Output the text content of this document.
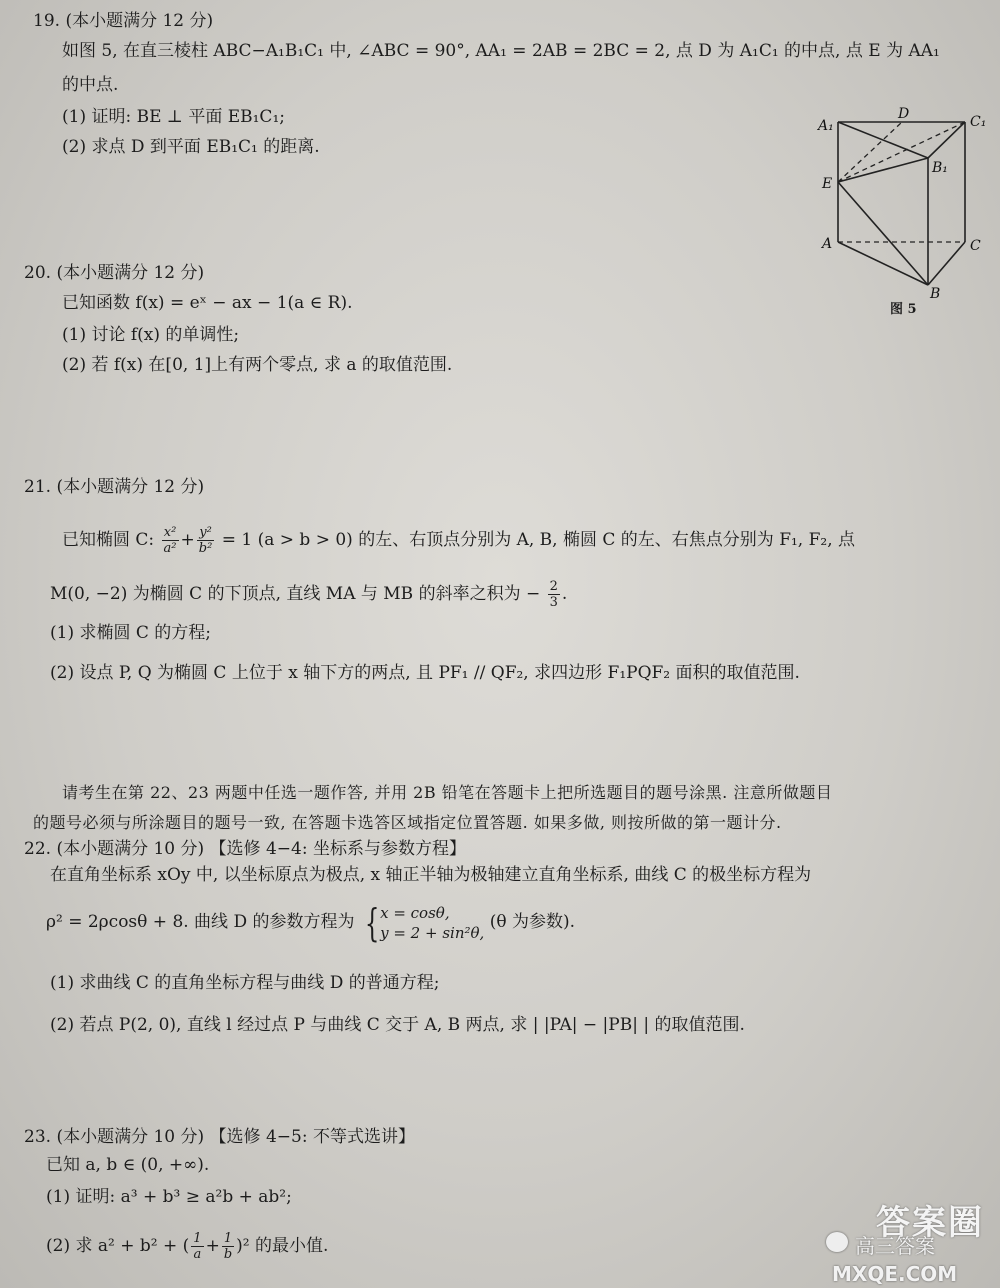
19. (本小题满分 12 分)
如图 5, 在直三棱柱 ABC−A₁B₁C₁ 中, ∠ABC = 90°, AA₁ = 2AB = 2BC = 2, 点 D 为 A₁C₁ 的中点, 点 E 为 AA₁
的中点.
(1) 证明: BE ⊥ 平面 EB₁C₁;
(2) 求点 D 到平面 EB₁C₁ 的距离.
A₁
D	C₁
B₁
E
A	C
B
图 5
20. (本小题满分 12 分)
已知函数 f(x) = eˣ − ax − 1(a ∈ R).
(1) 讨论 f(x) 的单调性;
(2) 若 f(x) 在[0, 1]上有两个零点, 求 a 的取值范围.
21. (本小题满分 12 分)
已知椭圆 C: $\frac{\text{x²}}{\text{a²}} + \frac{\text{y²}}{\text{b²}} = 1$ (a > b > 0) 的左、右顶点分别为 A, B, 椭圆 C 的左、右焦点分别为 F₁, F₂, 点
M(0, −2) 为椭圆 C 的下顶点, 直线 MA 与 MB 的斜率之积为 − $\frac{2}{3}$ .
(1) 求椭圆 C 的方程;
(2) 设点 P, Q 为椭圆 C 上位于 x 轴下方的两点, 且 PF₁ // QF₂, 求四边形 F₁PQF₂ 面积的取值范围.
请考生在第 22、23 两题中任选一题作答, 并用 2B 铅笔在答题卡上把所选题目的题号涂黑. 注意所做题目
的题号必须与所涂题目的题号一致, 在答题卡选答区域指定位置答题. 如果多做, 则按所做的第一题计分.
22. (本小题满分 10 分) 【选修 4−4: 坐标系与参数方程】
在直角坐标系 xOy 中, 以坐标原点为极点, x 轴正半轴为极轴建立直角坐标系, 曲线 C 的极坐标方程为
ρ² = 2ρcosθ + 8. 曲线 D 的参数方程为 { x = cosθ,
y = 2 + sin²θ,
(θ 为参数).
(1) 求曲线 C 的直角坐标方程与曲线 D 的普通方程;
(2) 若点 P(2, 0), 直线 l 经过点 P 与曲线 C 交于 A, B 两点, 求 | |PA| − |PB| | 的取值范围.
23. (本小题满分 10 分) 【选修 4−5: 不等式选讲】
已知 a, b ∈ (0, +∞).
(1) 证明: a³ + b³ ≥ a²b + ab²;
(2) 求 a² + b² + ( $\frac{1}{a} + \frac{1}{b} )^2$ 的最小值.
答案圈
高三答案
MXQE.COM
